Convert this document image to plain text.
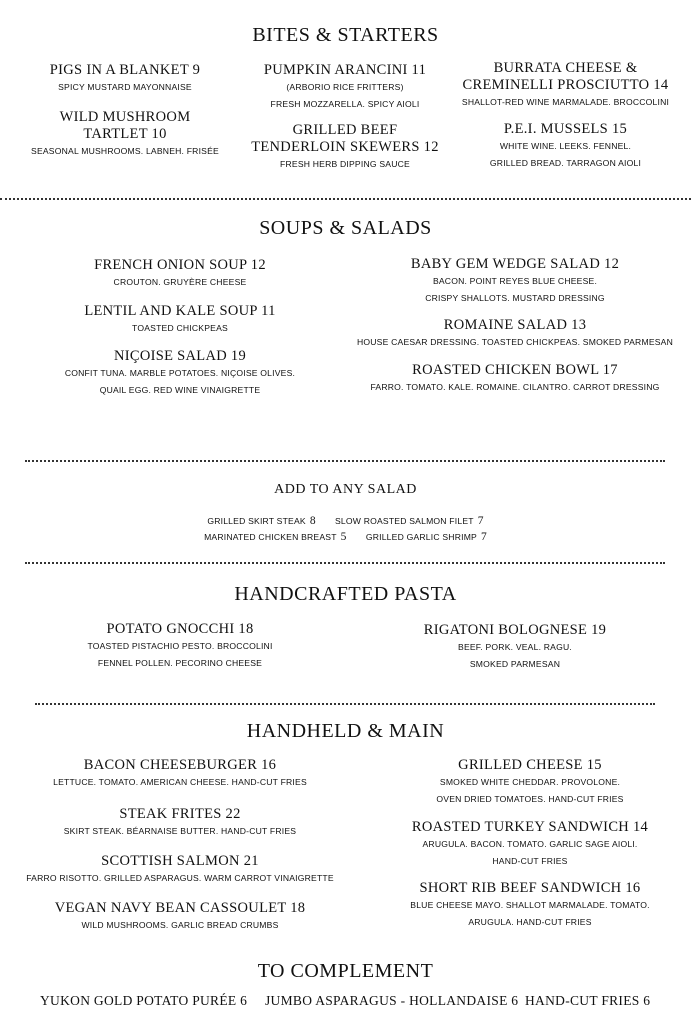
BITES & STARTERS
PIGS IN A BLANKET 9
SPICY MUSTARD MAYONNAISE
WILD MUSHROOM
TARTLET 10
SEASONAL MUSHROOMS. LABNEH. FRISÉE
PUMPKIN ARANCINI 11
(ARBORIO RICE FRITTERS)
FRESH MOZZARELLA. SPICY AIOLI
GRILLED BEEF
TENDERLOIN SKEWERS 12
FRESH HERB DIPPING SAUCE
BURRATA CHEESE &
CREMINELLI PROSCIUTTO 14
SHALLOT-RED WINE MARMALADE. BROCCOLINI
P.E.I. MUSSELS 15
WHITE WINE. LEEKS. FENNEL.
GRILLED BREAD. TARRAGON AIOLI
SOUPS & SALADS
FRENCH ONION SOUP 12
CROUTON. GRUYÈRE CHEESE
LENTIL AND KALE SOUP 11
TOASTED CHICKPEAS
NIÇOISE SALAD 19
CONFIT TUNA. MARBLE POTATOES. NIÇOISE OLIVES.
QUAIL EGG. RED WINE VINAIGRETTE
BABY GEM WEDGE SALAD 12
BACON. POINT REYES BLUE CHEESE.
CRISPY SHALLOTS. MUSTARD DRESSING
ROMAINE SALAD 13
HOUSE CAESAR DRESSING. TOASTED CHICKPEAS. SMOKED PARMESAN
ROASTED CHICKEN BOWL 17
FARRO. TOMATO. KALE. ROMAINE. CILANTRO. CARROT DRESSING
ADD TO ANY SALAD
GRILLED SKIRT STEAK 8 SLOW ROASTED SALMON FILET 7
MARINATED CHICKEN BREAST 5 GRILLED GARLIC SHRIMP 7
HANDCRAFTED PASTA
POTATO GNOCCHI 18
TOASTED PISTACHIO PESTO. BROCCOLINI
FENNEL POLLEN. PECORINO CHEESE
RIGATONI BOLOGNESE 19
BEEF. PORK. VEAL. RAGU.
SMOKED PARMESAN
HANDHELD & MAIN
BACON CHEESEBURGER 16
LETTUCE. TOMATO. AMERICAN CHEESE. HAND-CUT FRIES
STEAK FRITES 22
SKIRT STEAK. BÉARNAISE BUTTER. HAND-CUT FRIES
SCOTTISH SALMON 21
FARRO RISOTTO. GRILLED ASPARAGUS. WARM CARROT VINAIGRETTE
VEGAN NAVY BEAN CASSOULET 18
WILD MUSHROOMS. GARLIC BREAD CRUMBS
GRILLED CHEESE 15
SMOKED WHITE CHEDDAR. PROVOLONE.
OVEN DRIED TOMATOES. HAND-CUT FRIES
ROASTED TURKEY SANDWICH 14
ARUGULA. BACON. TOMATO. GARLIC SAGE AIOLI.
HAND-CUT FRIES
SHORT RIB BEEF SANDWICH 16
BLUE CHEESE MAYO. SHALLOT MARMALADE. TOMATO.
ARUGULA. HAND-CUT FRIES
TO COMPLEMENT
YUKON GOLD POTATO PURÉE 6 JUMBO ASPARAGUS - HOLLANDAISE 6 HAND-CUT FRIES 6
